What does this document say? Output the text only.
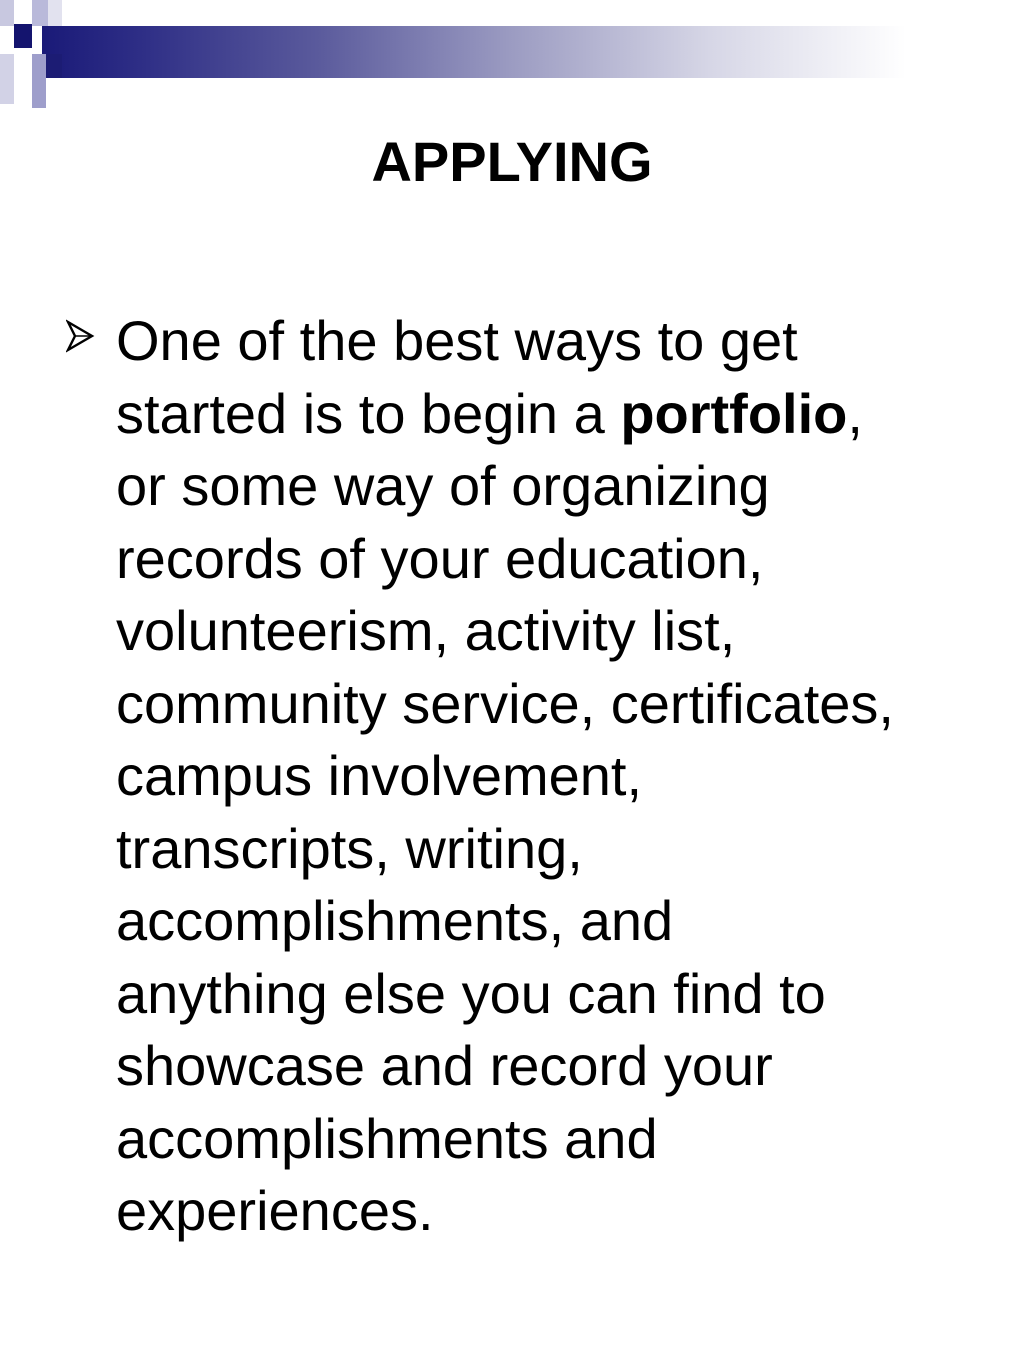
APPLYING

One of the best ways to get
started is to begin a portfolio,
or some way of organizing
records of your education,
volunteerism, activity list,
community service, certificates,
campus involvement,
transcripts, writing,
accomplishments, and
anything else you can find to
showcase and record your
accomplishments and
experiences.
